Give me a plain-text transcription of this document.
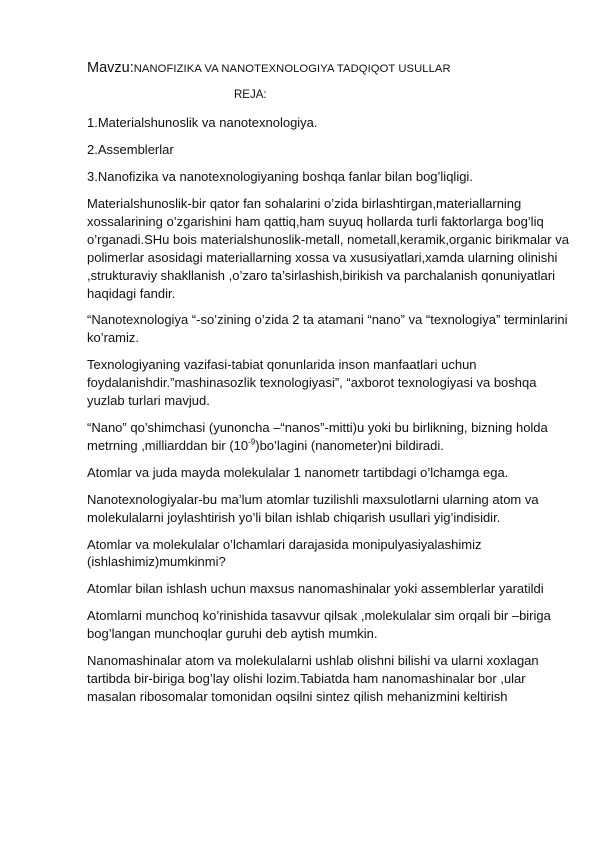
Mavzu:NANOFIZIKA VA NANOTEXNOLOGIYA TADQIQOT USULLAR
REJA:
1.Materialshunoslik va nanotexnologiya.
2.Assemblerlar
3.Nanofizika va nanotexnologiyaning boshqa fanlar bilan bog’liqligi.

Materialshunoslik-bir qator fan sohalarini o’zida birlashtirgan,materiallarning xossalarining o’zgarishini ham qattiq,ham suyuq hollarda turli faktorlarga bog’liq o’rganadi.SHu bois materialshunoslik-metall, nometall,keramik,organic birikmalar va polimerlar asosidagi materiallarning xossa va xususiyatlari,xamda ularning olinishi ,strukturaviy shakllanish ,o’zaro ta’sirlashish,birikish va parchalanish qonuniyatlari haqidagi fandir.

“Nanotexnologiya “-so’zining o’zida 2 ta atamani “nano” va “texnologiya” terminlarini ko’ramiz.

Texnologiyaning vazifasi-tabiat qonunlarida inson manfaatlari uchun foydalanishdir.”mashinasozlik texnologiyasi”, “axborot texnologiyasi va boshqa yuzlab turlari mavjud.

“Nano” qo’shimchasi (yunoncha –“nanos”-mitti)u yoki bu birlikning, bizning holda metrning ,milliarddan bir $(10^{-9})bo’lagini$ (nanometer)ni bildiradi.

Atomlar va juda mayda molekulalar 1 nanometr tartibdagi o’lchamga ega.

Nanotexnologiyalar-bu ma’lum atomlar tuzilishli maxsulotlarni ularning atom va molekulalarni joylashtirish yo’li bilan ishlab chiqarish usullari yig’indisidir.

Atomlar va molekulalar o’lchamlari darajasida monipulyasiyalashimiz (ishlashimiz)mumkinmi?

Atomlar bilan ishlash uchun maxsus nanomashinalar yoki assemblerlar yaratildi

Atomlarni munchoq ko’rinishida tasavvur qilsak ,molekulalar sim orqali bir –biriga bog’langan munchoqlar guruhi deb aytish mumkin.

Nanomashinalar atom va molekulalarni ushlab olishni bilishi va ularni xoxlagan tartibda bir-biriga bog’lay olishi lozim.Tabiatda ham nanomashinalar bor ,ular masalan ribosomalar tomonidan oqsilni sintez qilish mehanizmini keltirish
